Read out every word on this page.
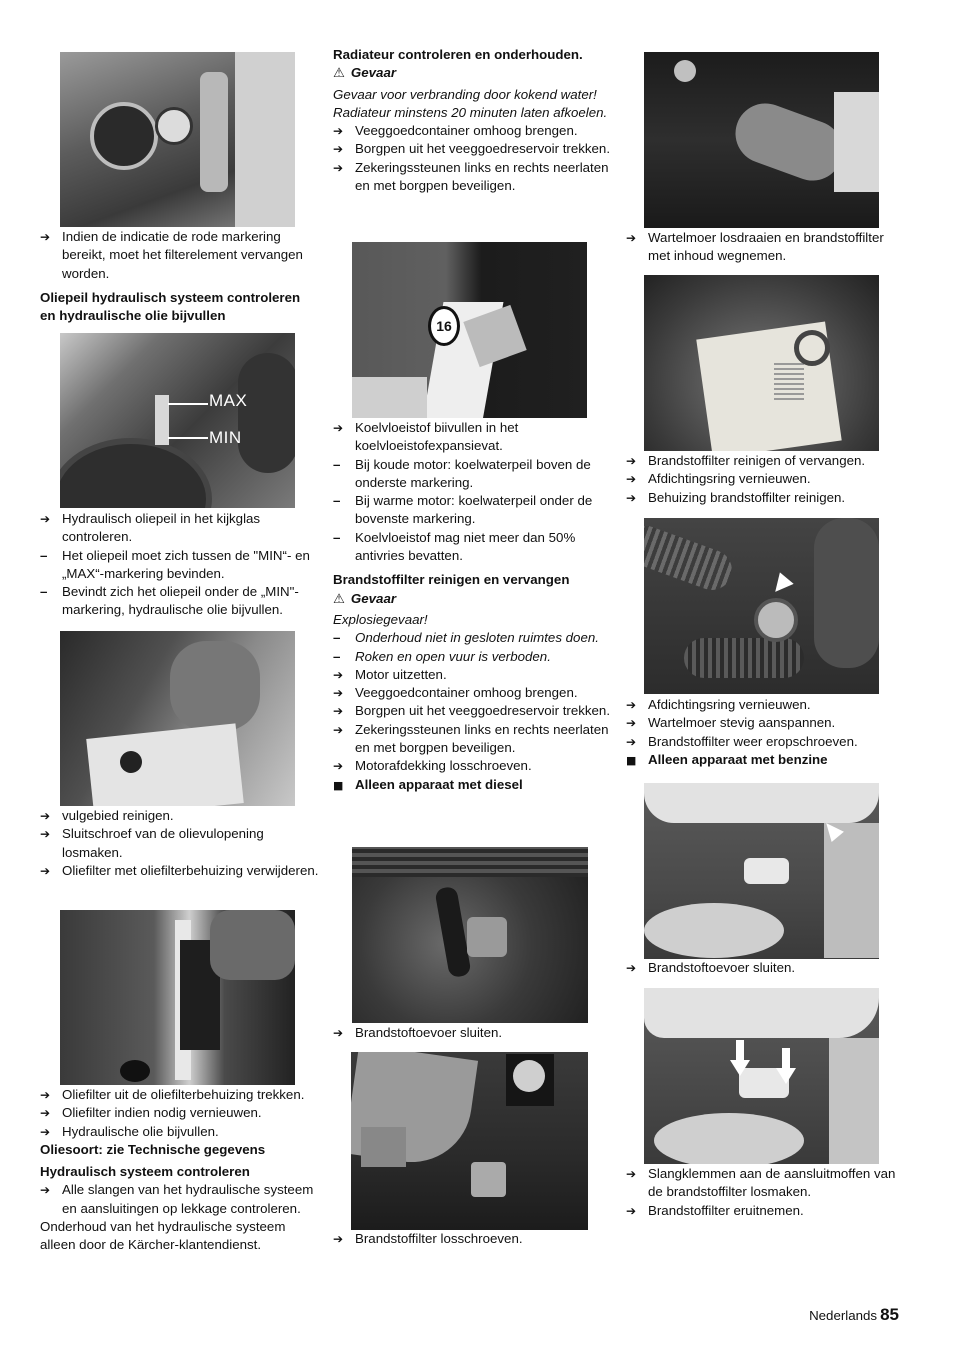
➔
Indien de indicatie de rode markering bereikt, moet het filterelement vervangen worden.
Oliepeil hydraulisch systeem controleren en hydraulische olie bijvullen
MAX
MIN
➔
Hydraulisch oliepeil in het kijkglas controleren.
–
Het oliepeil moet zich tussen de "MIN“- en „MAX“-markering bevinden.
–
Bevindt zich het oliepeil onder de „MIN"-markering, hydraulische olie bijvullen.
➔
vulgebied reinigen.
➔
Sluitschroef van de olievulopening losmaken.
➔
Oliefilter met oliefilterbehuizing verwijderen.
➔
Oliefilter uit de oliefilterbehuizing trekken.
➔
Oliefilter indien nodig vernieuwen.
➔
Hydraulische olie bijvullen.
Oliesoort: zie Technische gegevens
Hydraulisch systeem controleren
➔
Alle slangen van het hydraulische systeem en aansluitingen op lekkage controleren.
Onderhoud van het hydraulische systeem alleen door de Kärcher-klantendienst.
Radiateur controleren en onderhouden.
⚠ Gevaar
Gevaar voor verbranding door kokend water! Radiateur minstens 20 minuten laten afkoelen.
➔
Veeggoedcontainer omhoog brengen.
➔
Borgpen uit het veeggoedreservoir trekken.
➔
Zekeringssteunen links en rechts neerlaten en met borgpen beveiligen.
16
➔
Koelvloeistof biivullen in het koelvloeistofexpansievat.
–
Bij koude motor: koelwaterpeil boven de onderste markering.
–
Bij warme motor: koelwaterpeil onder de bovenste markering.
–
Koelvloeistof mag niet meer dan 50% antivries bevatten.
Brandstoffilter reinigen en vervangen
⚠ Gevaar
Explosiegevaar!
–
Onderhoud niet in gesloten ruimtes doen.
–
Roken en open vuur is verboden.
➔
Motor uitzetten.
➔
Veeggoedcontainer omhoog brengen.
➔
Borgpen uit het veeggoedreservoir trekken.
➔
Zekeringssteunen links en rechts neerlaten en met borgpen beveiligen.
➔
Motorafdekking losschroeven.
■
Alleen apparaat met diesel
➔
Brandstoftoevoer sluiten.
➔
Brandstoffilter losschroeven.
➔
Wartelmoer losdraaien en brandstoffilter met inhoud wegnemen.
➔
Brandstoffilter reinigen of vervangen.
➔
Afdichtingsring vernieuwen.
➔
Behuizing brandstoffilter reinigen.
➔
Afdichtingsring vernieuwen.
➔
Wartelmoer stevig aanspannen.
➔
Brandstoffilter weer eropschroeven.
■
Alleen apparaat met benzine
➔
Brandstoftoevoer sluiten.
➔
Slangklemmen aan de aansluitmoffen van de brandstoffilter losmaken.
➔
Brandstoffilter eruitnemen.
Nederlands 85
